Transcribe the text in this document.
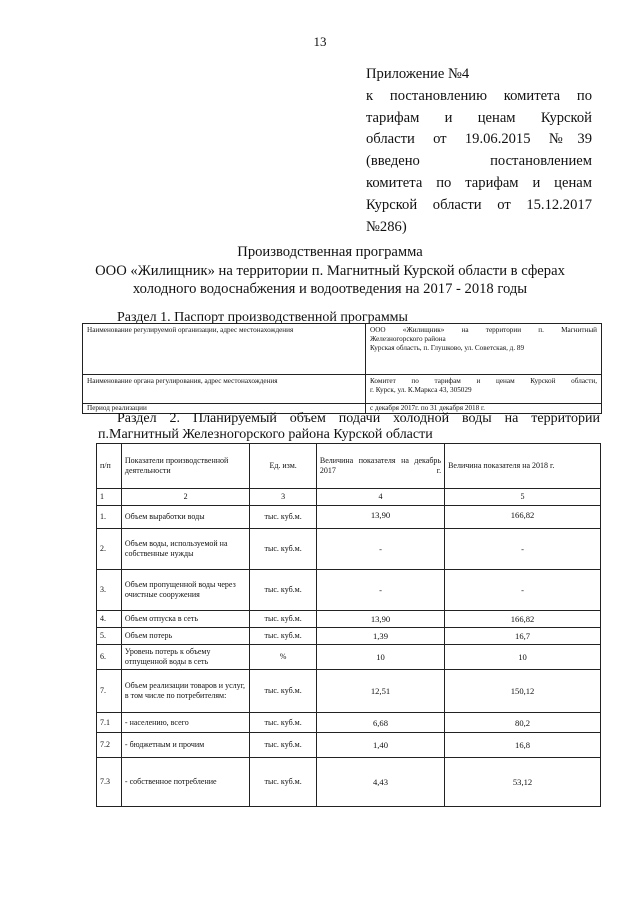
13
Приложение №4
к постановлению комитета по
тарифам и ценам Курской
области от 19.06.2015 №39
(введено постановлением
комитета по тарифам и ценам
Курской области от 15.12.2017
№286)
Производственная программа
ООО «Жилищник» на территории п. Магнитный Курской области в сферах
холодного водоснабжения и водоотведения на 2017 - 2018 годы
Раздел 1. Паспорт производственной программы
Наименование регулируемой организации, адрес местонахождения	ООО «Жилищник» на территории п. Магнитный
Железногорского района
Курская область, п. Глушково, ул. Советская, д. 89

Наименование органа регулирования, адрес местонахождения	Комитет по тарифам и ценам Курской области,
г. Курск, ул. К.Маркса 43, 305029

Период реализации	с декабря 2017г. по 31 декабря 2018 г.
Раздел 2. Планируемый объем подачи холодной воды на территории
п.Магнитный Железногорского района Курской области
п/п	Показатели производственной деятельности	Ед. изм.	Величина показателя на декабрь 2017 г.	Величина показателя на 2018 г.
1	2	3	4	5
1.	Объем выработки воды	тыс. куб.м.	13,90	166,82
2.	Объем воды, используемой на собственные нужды	тыс. куб.м.	-	-
3.	Объем пропущенной воды через очистные сооружения	тыс. куб.м.	-	-
4.	Объем отпуска в сеть	тыс. куб.м.	13,90	166,82
5.	Объем потерь	тыс. куб.м.	1,39	16,7
6.	Уровень потерь к объему отпущенной воды в сеть	%	10	10
7.	Объем реализации товаров и услуг, в том числе по потребителям:	тыс. куб.м.	12,51	150,12
7.1	- населению, всего	тыс. куб.м.	6,68	80,2
7.2	- бюджетным и прочим	тыс. куб.м.	1,40	16,8
7.3	- собственное потребление	тыс. куб.м.	4,43	53,12
